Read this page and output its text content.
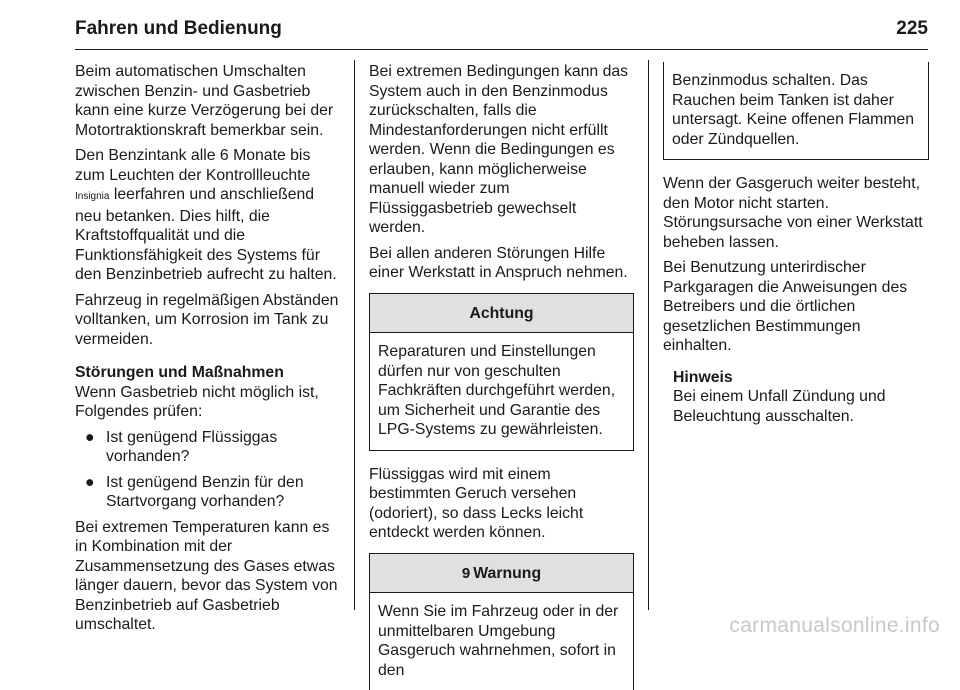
Fahren und Bedienung	225

Beim automatischen Umschalten zwischen Benzin- und Gasbetrieb kann eine kurze Verzögerung bei der Motortraktionskraft bemerkbar sein.

Den Benzintank alle 6 Monate bis zum Leuchten der Kontrollleuchte Insignia leerfahren und anschließend neu betanken. Dies hilft, die Kraftstoffqualität und die Funktionsfähigkeit des Systems für den Benzinbetrieb aufrecht zu halten.

Fahrzeug in regelmäßigen Abständen volltanken, um Korrosion im Tank zu vermeiden.

Störungen und Maßnahmen

Wenn Gasbetrieb nicht möglich ist, Folgendes prüfen:

● Ist genügend Flüssiggas vorhanden?
● Ist genügend Benzin für den Startvorgang vorhanden?

Bei extremen Temperaturen kann es in Kombination mit der Zusammensetzung des Gases etwas länger dauern, bevor das System von Benzinbetrieb auf Gasbetrieb umschaltet.

Bei extremen Bedingungen kann das System auch in den Benzinmodus zurückschalten, falls die Mindestanforderungen nicht erfüllt werden. Wenn die Bedingungen es erlauben, kann möglicherweise manuell wieder zum Flüssiggasbetrieb gewechselt werden.

Bei allen anderen Störungen Hilfe einer Werkstatt in Anspruch nehmen.

Achtung
Reparaturen und Einstellungen dürfen nur von geschulten Fachkräften durchgeführt werden, um Sicherheit und Garantie des LPG-Systems zu gewährleisten.

Flüssiggas wird mit einem bestimmten Geruch versehen (odoriert), so dass Lecks leicht entdeckt werden können.

9 Warnung
Wenn Sie im Fahrzeug oder in der unmittelbaren Umgebung Gasgeruch wahrnehmen, sofort in den
Benzinmodus schalten. Das Rauchen beim Tanken ist daher untersagt. Keine offenen Flammen oder Zündquellen.

Wenn der Gasgeruch weiter besteht, den Motor nicht starten. Störungsursache von einer Werkstatt beheben lassen.

Bei Benutzung unterirdischer Parkgaragen die Anweisungen des Betreibers und die örtlichen gesetzlichen Bestimmungen einhalten.

Hinweis
Bei einem Unfall Zündung und Beleuchtung ausschalten.
carmanualsonline.info
